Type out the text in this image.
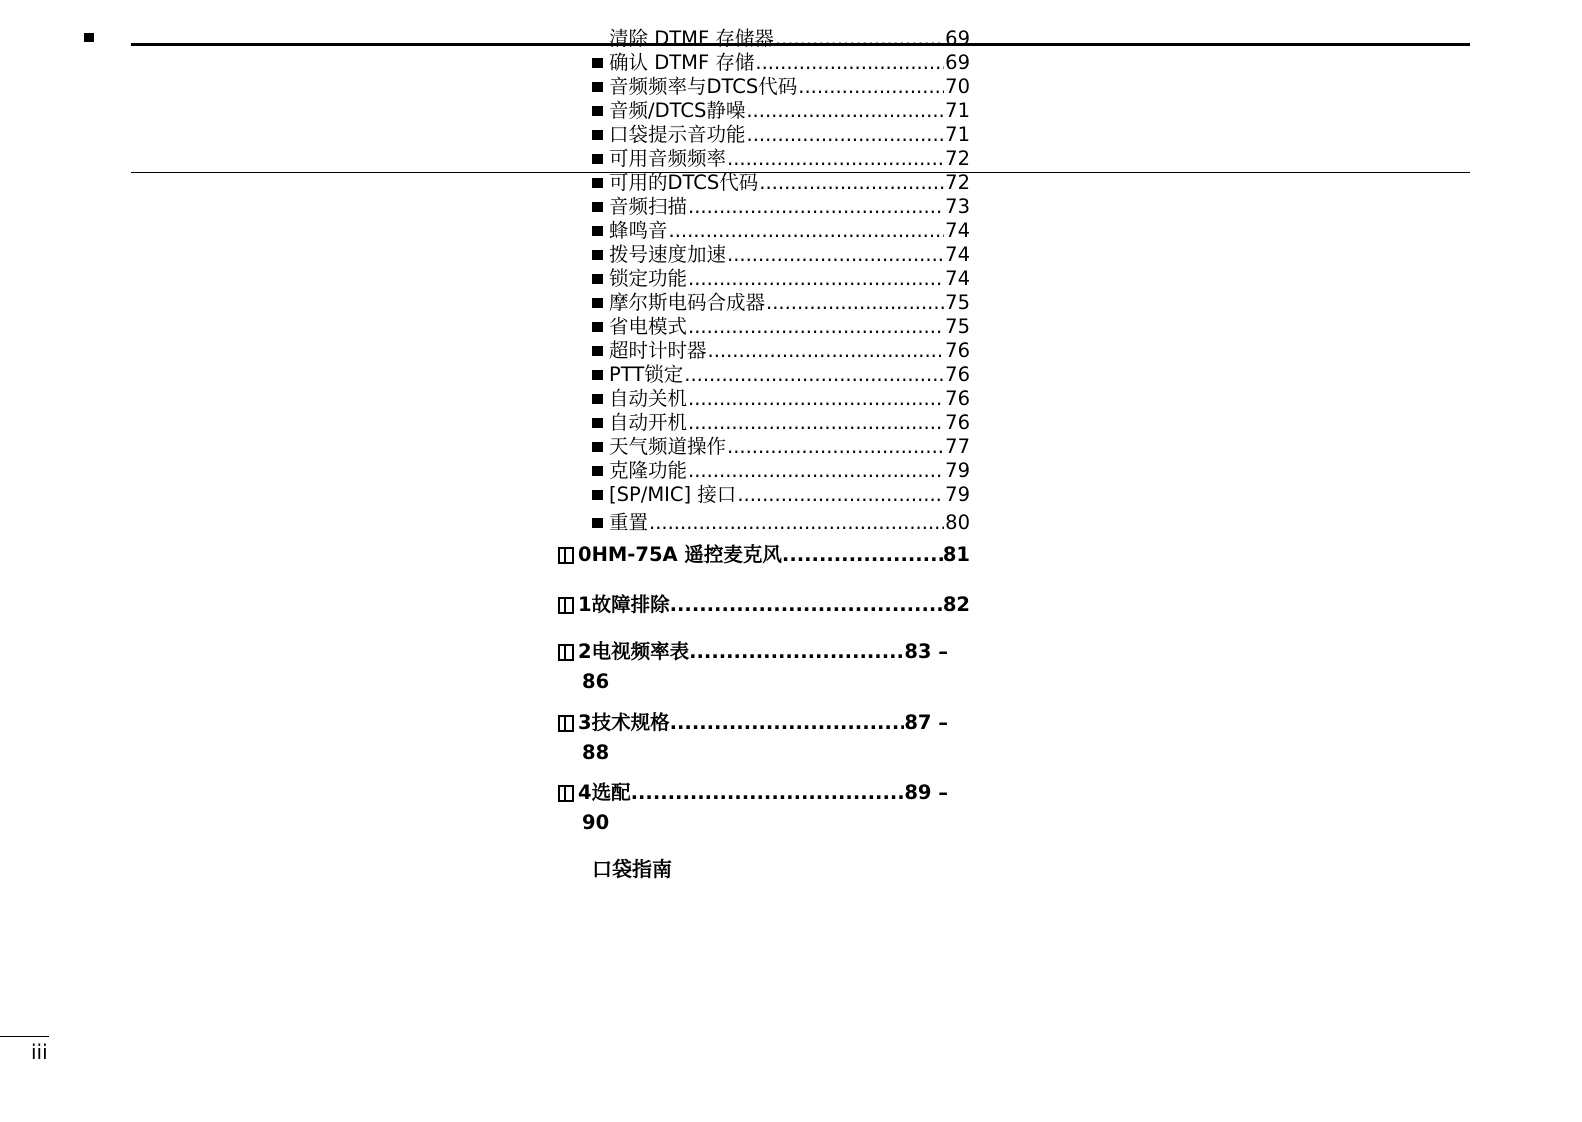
清除 DTMF 存储器 .....	69
确认 DTMF 存储 .....	69
音频频率与DTCS代码 .....	70
音频/DTCS静噪 .....	71
口袋提示音功能 .....	71
可用音频频率 .....	72
可用的DTCS代码 .....	72
音频扫描 .....	73
蜂鸣音 .....	74
拨号速度加速 .....	74
锁定功能 .....	74
摩尔斯电码合成器 .....	75
省电模式 .....	75
超时计时器 .....	76
PTT锁定 .....	76
自动关机 .....	76
自动开机 .....	76
天气频道操作 .....	77
克隆功能 .....	79
[SP/MIC] 接口 .....	79
重置 .....	80
0 HM-75A 遥控麦克风 .....	81
1 故障排除 .....	82
2 电视频率表 .....	83 –
86
3 技术规格 .....	87 –
88
4 选配 .....	89 –
90
口袋指南
iii
